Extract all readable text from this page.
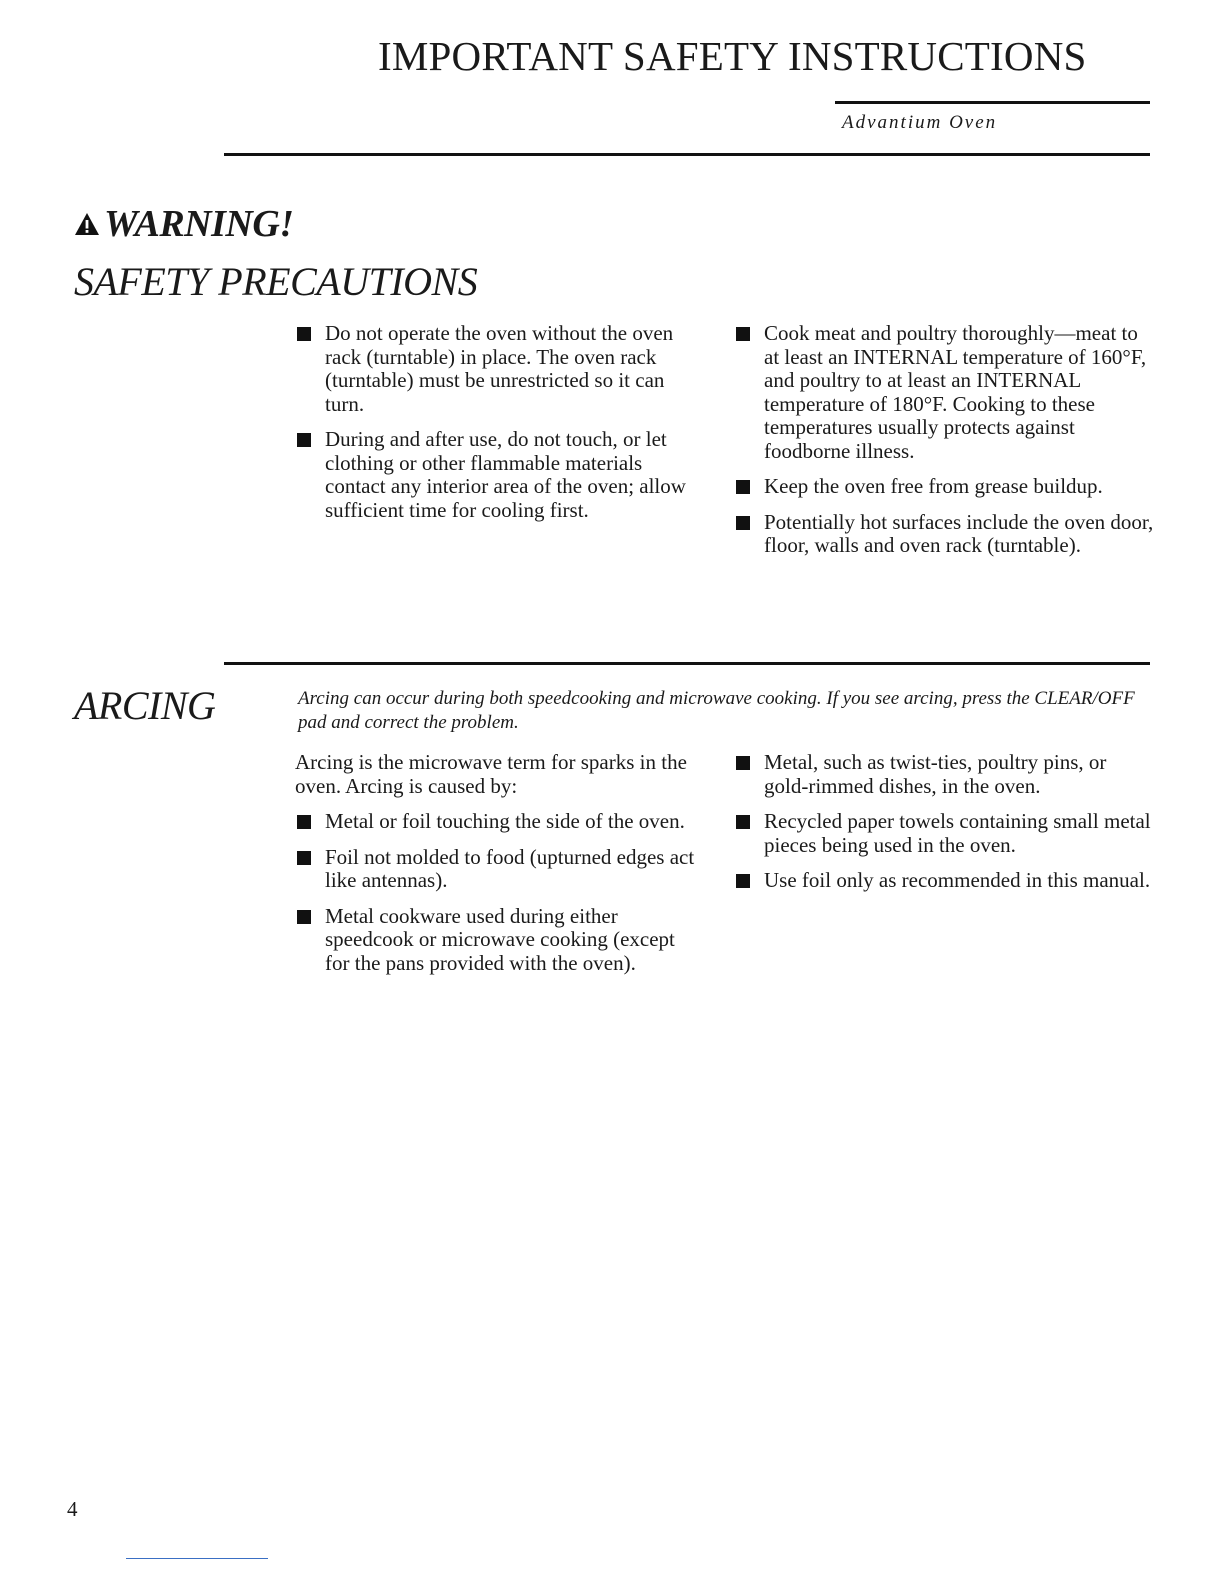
IMPORTANT SAFETY INSTRUCTIONS
Advantium Oven
WARNING!
SAFETY PRECAUTIONS
Do not operate the oven without the oven rack (turntable) in place. The oven rack (turntable) must be unrestricted so it can turn.
During and after use, do not touch, or let clothing or other flammable materials contact any interior area of the oven; allow sufficient time for cooling first.
Cook meat and poultry thoroughly—meat to at least an INTERNAL temperature of 160°F, and poultry to at least an INTERNAL temperature of 180°F. Cooking to these temperatures usually protects against foodborne illness.
Keep the oven free from grease buildup.
Potentially hot surfaces include the oven door, floor, walls and oven rack (turntable).
ARCING	Arcing can occur during both speedcooking and microwave cooking. If you see arcing, press the CLEAR/OFF pad and correct the problem.

Arcing is the microwave term for sparks in the oven. Arcing is caused by:

Metal or foil touching the side of the oven.
Foil not molded to food (upturned edges act like antennas).
Metal cookware used during either speedcook or microwave cooking (except for the pans provided with the oven).
Metal, such as twist-ties, poultry pins, or gold-rimmed dishes, in the oven.
Recycled paper towels containing small metal pieces being used in the oven.
Use foil only as recommended in this manual.
4
